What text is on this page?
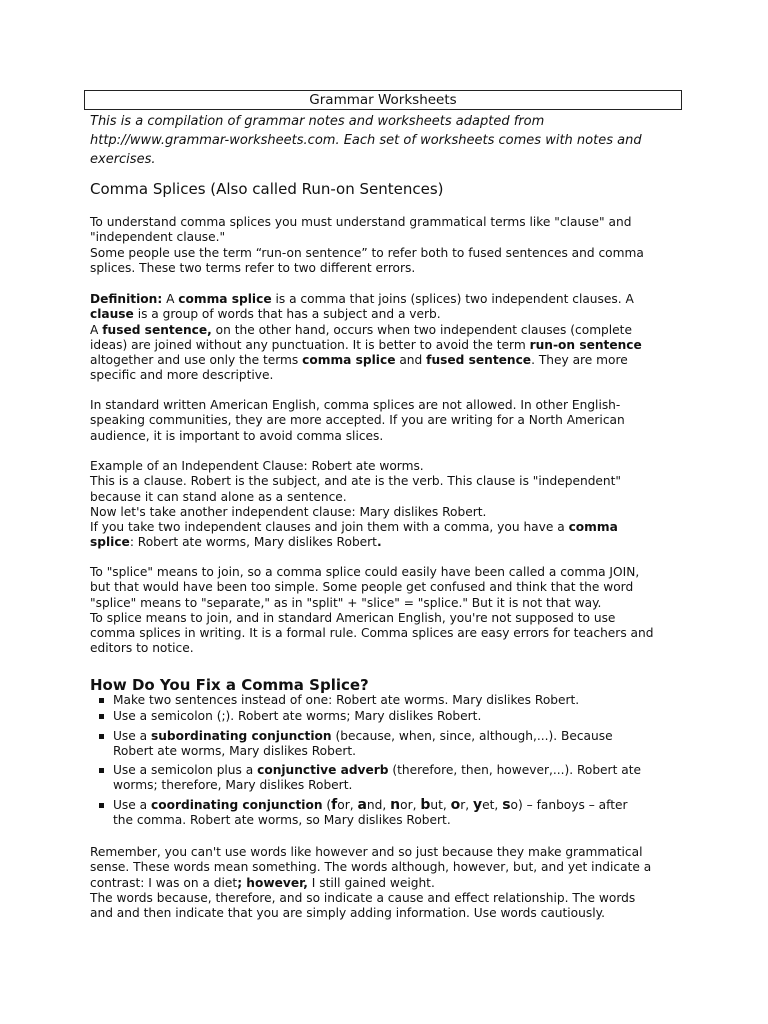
Grammar Worksheets
This is a compilation of grammar notes and worksheets adapted from http://www.grammar-worksheets.com. Each set of worksheets comes with notes and exercises.
Comma Splices (Also called Run-on Sentences)

To understand comma splices you must understand grammatical terms like "clause" and

"independent clause."

Some people use the term “run-on sentence” to refer both to fused sentences and comma

splices. These two terms refer to two different errors.

Definition: A comma splice is a comma that joins (splices) two independent clauses. A

clause is a group of words that has a subject and a verb.

A fused sentence, on the other hand, occurs when two independent clauses (complete

ideas) are joined without any punctuation. It is better to avoid the term run-on sentence

altogether and use only the terms comma splice and fused sentence. They are more

specific and more descriptive.

In standard written American English, comma splices are not allowed. In other English-

speaking communities, they are more accepted. If you are writing for a North American

audience, it is important to avoid comma slices.

Example of an Independent Clause: Robert ate worms.

This is a clause. Robert is the subject, and ate is the verb. This clause is "independent"

because it can stand alone as a sentence.

Now let's take another independent clause: Mary dislikes Robert.

If you take two independent clauses and join them with a comma, you have a comma

splice: Robert ate worms, Mary dislikes Robert.

To "splice" means to join, so a comma splice could easily have been called a comma JOIN,

but that would have been too simple. Some people get confused and think that the word

"splice" means to "separate," as in "split" + "slice" = "splice." But it is not that way.

To splice means to join, and in standard American English, you're not supposed to use

comma splices in writing. It is a formal rule. Comma splices are easy errors for teachers and

editors to notice.

How Do You Fix a Comma Splice?
Make two sentences instead of one: Robert ate worms. Mary dislikes Robert.
Use a semicolon (;). Robert ate worms; Mary dislikes Robert.
Use a subordinating conjunction (because, when, since, although,...). Because
Robert ate worms, Mary dislikes Robert.
Use a semicolon plus a conjunctive adverb (therefore, then, however,...). Robert ate
worms; therefore, Mary dislikes Robert.
Use a coordinating conjunction (for, and, nor, but, or, yet, so) – fanboys – after
the comma. Robert ate worms, so Mary dislikes Robert.

Remember, you can't use words like however and so just because they make grammatical

sense. These words mean something. The words although, however, but, and yet indicate a

contrast: I was on a diet; however, I still gained weight.

The words because, therefore, and so indicate a cause and effect relationship. The words

and and then indicate that you are simply adding information. Use words cautiously.
